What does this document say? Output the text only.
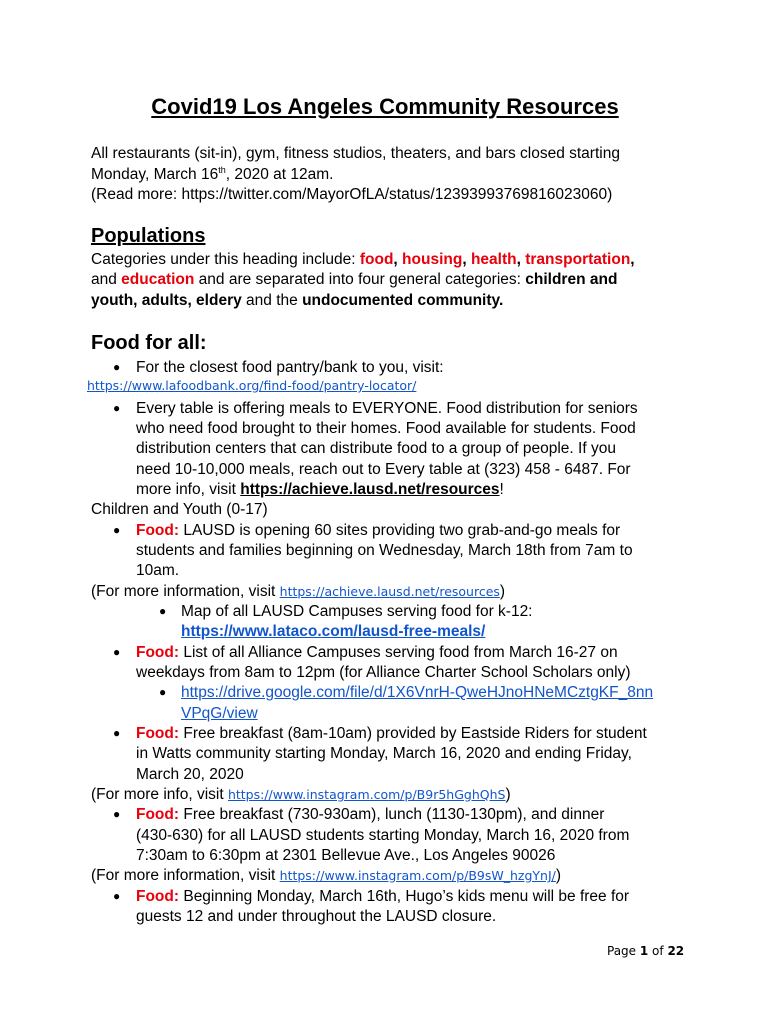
Covid19 Los Angeles Community Resources
All restaurants (sit-in), gym, fitness studios, theaters, and bars closed starting
Monday, March 16th, 2020 at 12am.
(Read more: https://twitter.com/MayorOfLA/status/1239399376981602306​0)
Populations
Categories under this heading include: food, housing, health, transportation,
and education and are separated into four general categories: children and
youth, adults, eldery and the undocumented community.
Food for all:
● For the closest food pantry/bank to you, visit:
https://www.lafoodbank.org/find-food/pantry-locator/
● Every table is offering meals to EVERYONE. Food distribution for seniors
who need food brought to their homes. Food available for students. Food
distribution centers that can distribute food to a group of people. If you
need 10-10,000 meals, reach out to Every table at (323) 458 - 6487. For
more info, visit https://achieve.lausd.net/resources!
Children and Youth (0-17)
● Food: LAUSD is opening 60 sites providing two grab-and-go meals for
students and families beginning on Wednesday, March 18th from 7am to
10am.
(For more information, visit https://achieve.lausd.net/resources)
● Map of all LAUSD Campuses serving food for k-12:
https://www.lataco.com/lausd-free-meals/
● Food: List of all Alliance Campuses serving food from March 16-27 on
weekdays from 8am to 12pm (for Alliance Charter School Scholars only)
● https://drive.google.com/file/d/1X6VnrH-QweHJnoHNeMCztgKF_8nn
VPqG/view
● Food: Free breakfast (8am-10am) provided by Eastside Riders for student
in Watts community starting Monday, March 16, 2020 and ending Friday,
March 20, 2020
(For more info, visit https://www.instagram.com/p/B9r5hGghQhS)
● Food: Free breakfast (730-930am), lunch (1130-130pm), and dinner
(430-630) for all LAUSD students starting Monday, March 16, 2020 from
7:30am to 6:30pm at 2301 Bellevue Ave., Los Angeles 90026
(For more information, visit https://www.instagram.com/p/B9sW_hzgYnJ/)
● Food: Beginning Monday, March 16th, Hugo’s kids menu will be free for
guests 12 and under throughout the LAUSD closure.
Page 1 of 22
